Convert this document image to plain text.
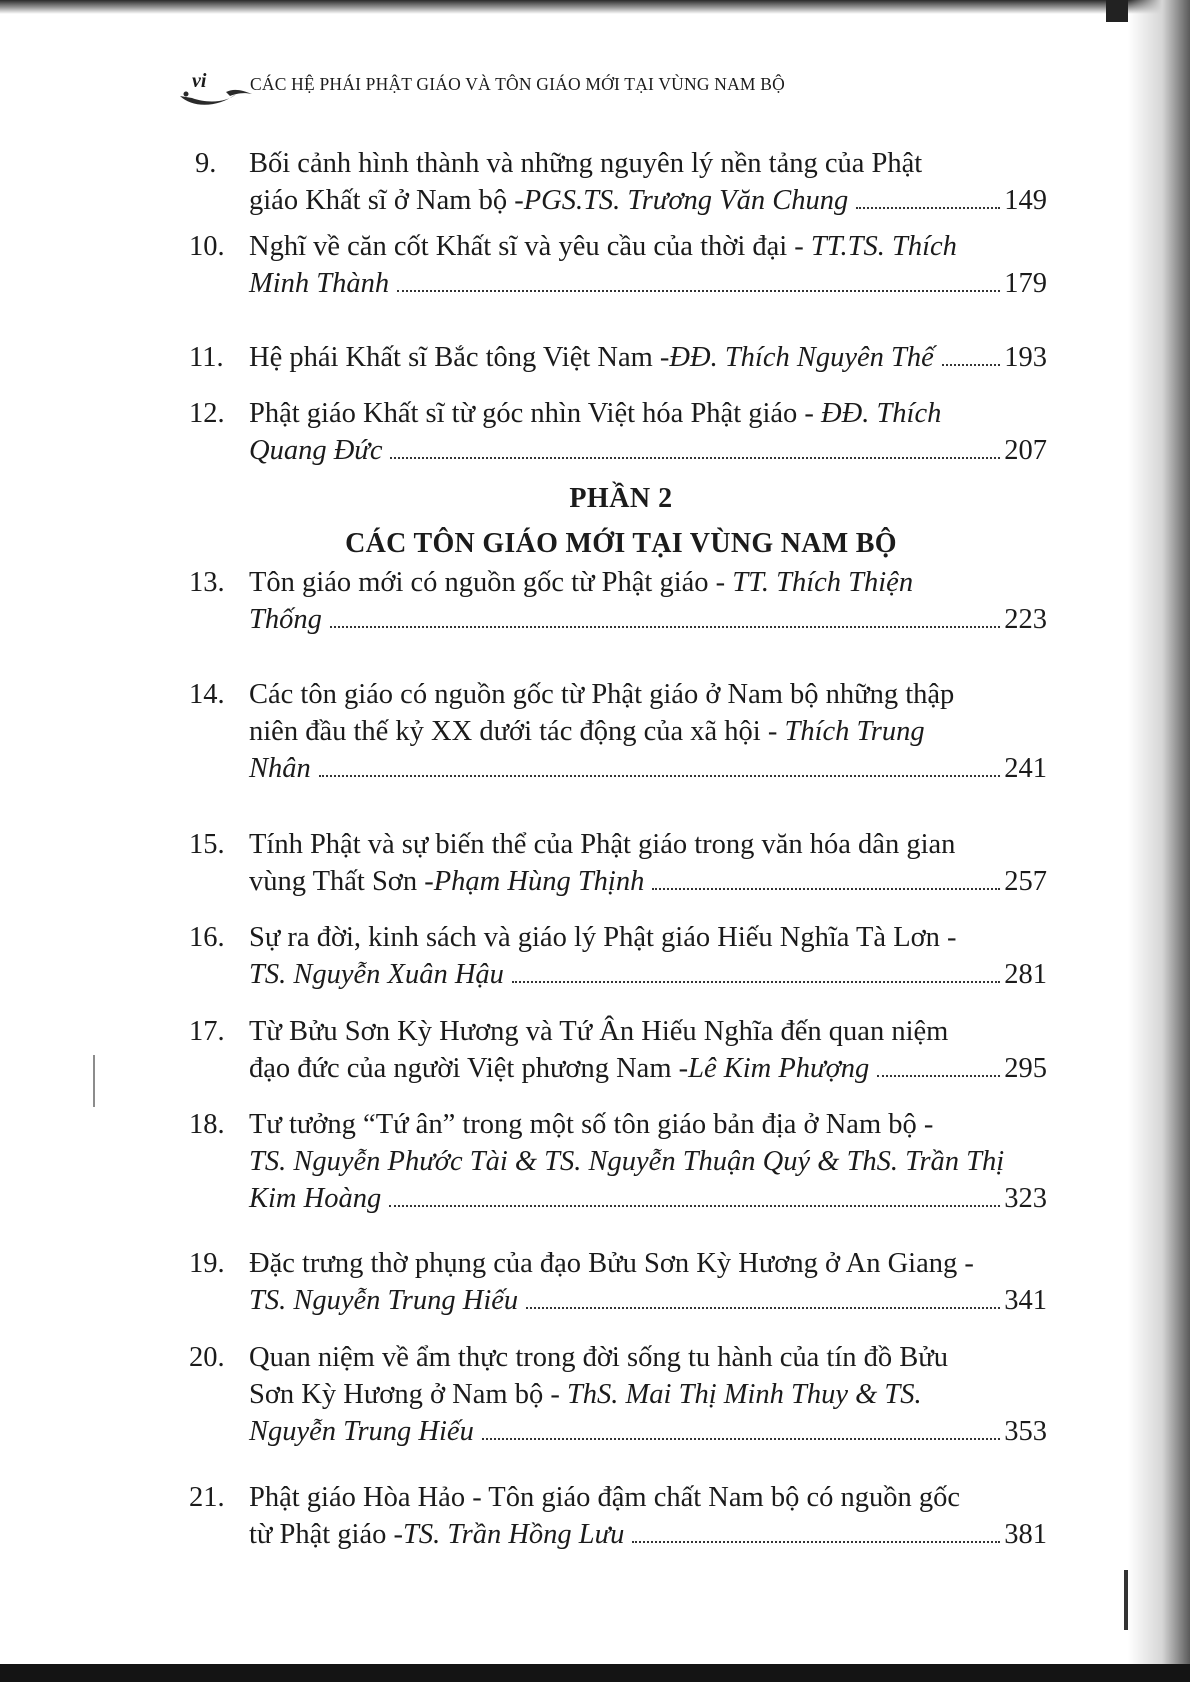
vi CÁC HỆ PHÁI PHẬT GIÁO VÀ TÔN GIÁO MỚI TẠI VÙNG NAM BỘ
9. Bối cảnh hình thành và những nguyên lý nền tảng của Phật
giáo Khất sĩ ở Nam bộ - PGS.TS. Trương Văn Chung	149
10. Nghĩ về căn cốt Khất sĩ và yêu cầu của thời đại - TT.TS. Thích
Minh Thành	179
11. Hệ phái Khất sĩ Bắc tông Việt Nam - ĐĐ. Thích Nguyên Thế 193
12. Phật giáo Khất sĩ từ góc nhìn Việt hóa Phật giáo - ĐĐ. Thích
Quang Đức	207
13. Tôn giáo mới có nguồn gốc từ Phật giáo - TT. Thích Thiện
Thống	223
14. Các tôn giáo có nguồn gốc từ Phật giáo ở Nam bộ những thập
niên đầu thế kỷ XX dưới tác động của xã hội - Thích Trung
Nhân	241
15. Tính Phật và sự biến thể của Phật giáo trong văn hóa dân gian
vùng Thất Sơn - Phạm Hùng Thịnh	257
16. Sự ra đời, kinh sách và giáo lý Phật giáo Hiếu Nghĩa Tà Lơn -
TS. Nguyễn Xuân Hậu	281
17. Từ Bửu Sơn Kỳ Hương và Tứ Ân Hiếu Nghĩa đến quan niệm
đạo đức của người Việt phương Nam - Lê Kim Phượng	295
18. Tư tưởng “Tứ ân” trong một số tôn giáo bản địa ở Nam bộ -
TS. Nguyễn Phước Tài & TS. Nguyễn Thuận Quý & ThS. Trần Thị
Kim Hoàng	323
19. Đặc trưng thờ phụng của đạo Bửu Sơn Kỳ Hương ở An Giang -
TS. Nguyễn Trung Hiếu	341
20. Quan niệm về ẩm thực trong đời sống tu hành của tín đồ Bửu
Sơn Kỳ Hương ở Nam bộ - ThS. Mai Thị Minh Thuy & TS.
Nguyễn Trung Hiếu	353
21. Phật giáo Hòa Hảo - Tôn giáo đậm chất Nam bộ có nguồn gốc
từ Phật giáo - TS. Trần Hồng Lưu	381
PHẦN 2
CÁC TÔN GIÁO MỚI TẠI VÙNG NAM BỘ
